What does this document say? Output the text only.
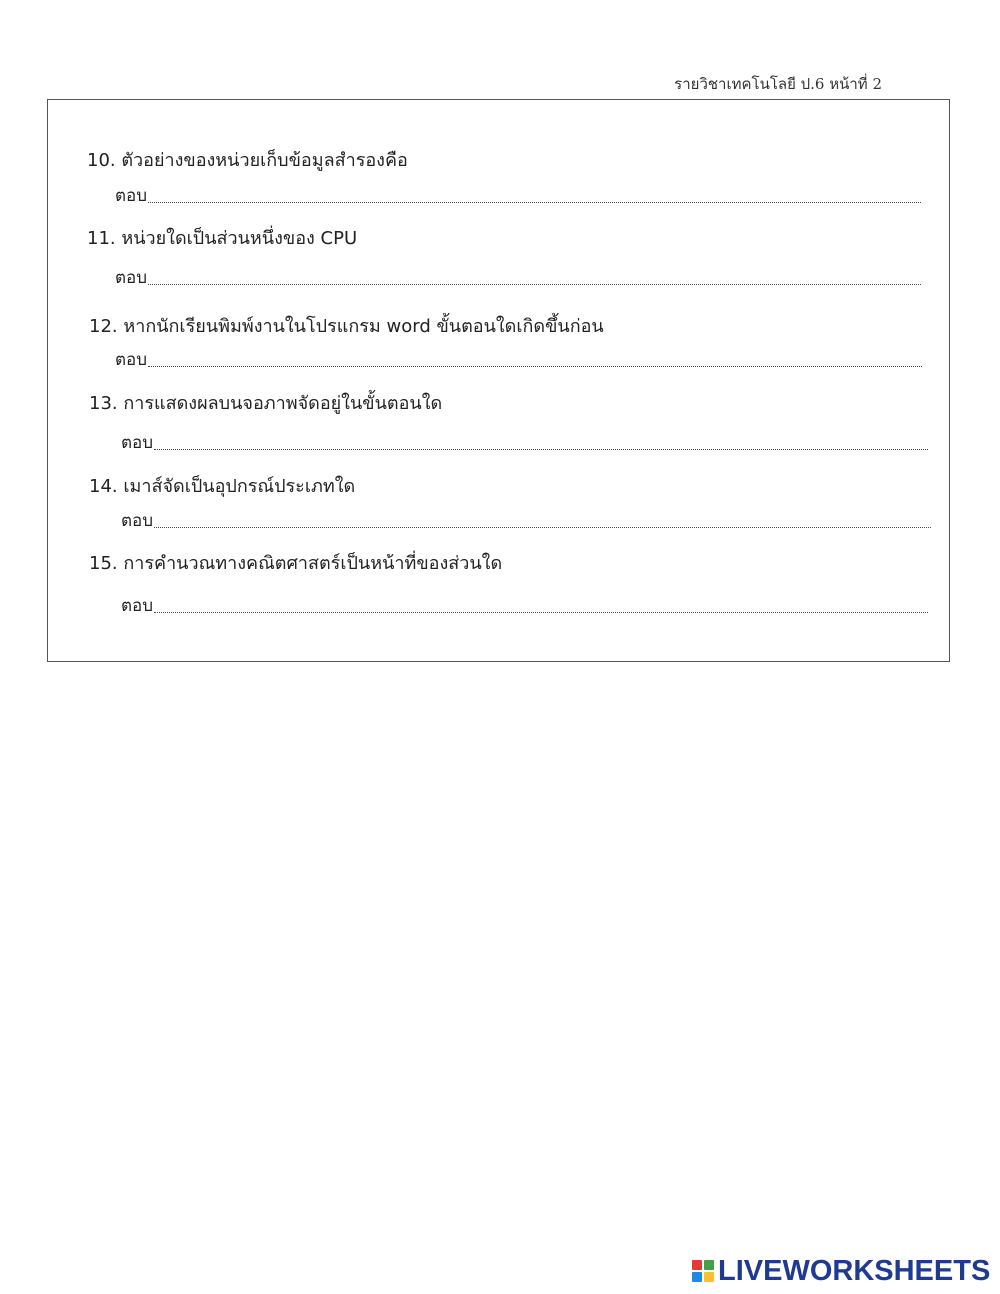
รายวิชาเทคโนโลยี ป.6 หน้าที่ 2
10. ตัวอย่างของหน่วยเก็บข้อมูลสำรองคือ
ตอบ
11. หน่วยใดเป็นส่วนหนึ่งของ CPU
ตอบ
12. หากนักเรียนพิมพ์งานในโปรแกรม word ขั้นตอนใดเกิดขึ้นก่อน
ตอบ
13. การแสดงผลบนจอภาพจัดอยู่ในขั้นตอนใด
ตอบ
14. เมาส์จัดเป็นอุปกรณ์ประเภทใด
ตอบ
15. การคำนวณทางคณิตศาสตร์เป็นหน้าที่ของส่วนใด
ตอบ
LIVEWORKSHEETS
